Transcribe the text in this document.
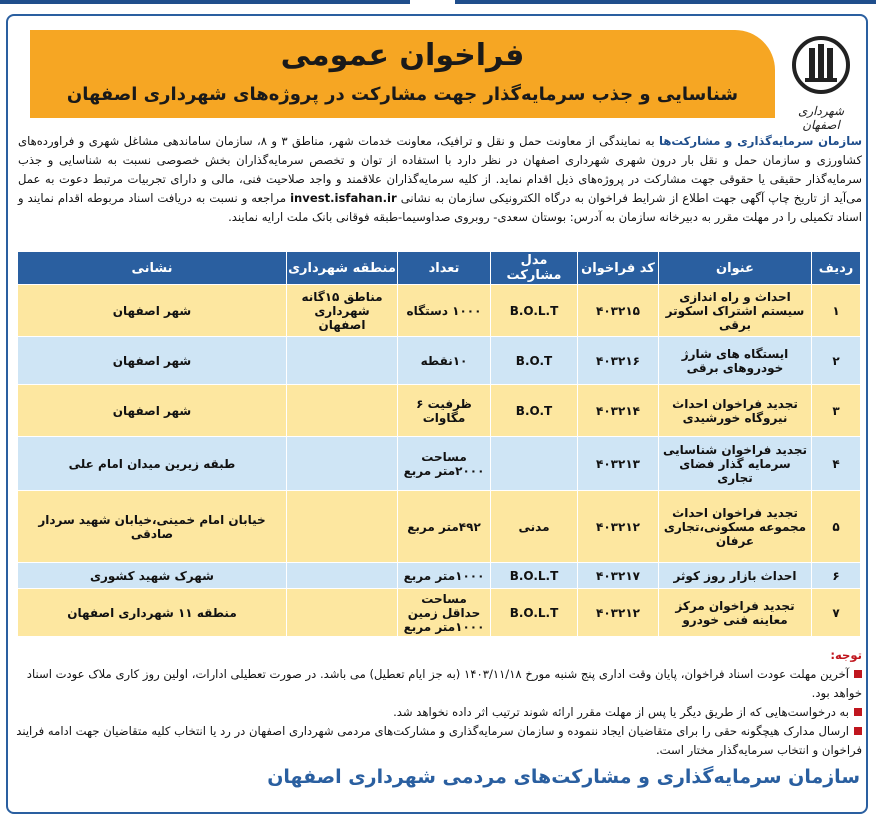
فراخوان عمومی
شناسایی و جذب سرمایه‌گذار جهت مشارکت در پروژه‌های شهرداری اصفهان
شهرداری اصفهان
سازمان سرمایه‌گذاری و مشارکت‌ها به نمایندگی از معاونت حمل و نقل و ترافیک، معاونت خدمات شهر، مناطق ۳ و ۸، سازمان ساماندهی مشاغل شهری و فراورده‌های کشاورزی و سازمان حمل و نقل بار درون شهری شهرداری اصفهان در نظر دارد با استفاده از توان و تخصص سرمایه‌گذاران بخش خصوصی نسبت به شناسایی و جذب سرمایه‌گذار حقیقی یا حقوقی جهت مشارکت در پروژه‌های ذیل اقدام نماید. از کلیه سرمایه‌گذاران علاقمند و واجد صلاحیت فنی، مالی و دارای تجربیات مرتبط دعوت به عمل می‌آید از تاریخ چاپ آگهی جهت اطلاع از شرایط فراخوان به درگاه الکترونیکی سازمان به نشانی invest.isfahan.ir مراجعه و نسبت به دریافت اسناد مربوطه اقدام نمایند و اسناد تکمیلی را در مهلت مقرر به دبیرخانه سازمان به آدرس: بوستان سعدی- روبروی صداوسیما-طبقه فوقانی بانک ملت ارایه نمایند.
ردیف	عنوان	کد فراخوان	مدل مشارکت	تعداد	منطقه شهرداری	نشانی
۱	احداث و راه اندازی سیستم اشتراک اسکوتر برقی	۴۰۳۲۱۵	B.O.L.T	۱۰۰۰ دستگاه	مناطق ۱۵گانه شهرداری اصفهان	شهر اصفهان
۲	ایستگاه های شارژ خودروهای برقی	۴۰۳۲۱۶	B.O.T	۱۰نقطه		شهر اصفهان
۳	تجدید فراخوان احداث نیروگاه خورشیدی	۴۰۳۲۱۴	B.O.T	ظرفیت ۶ مگاوات		شهر اصفهان
۴	تجدید فراخوان شناسایی سرمایه گذار فضای تجاری	۴۰۳۲۱۳		مساحت ۲۰۰۰متر مربع		طبقه زیرین میدان امام علی
۵	تجدید فراخوان احداث مجموعه مسکونی،تجاری عرفان	۴۰۳۲۱۲	مدنی	۴۹۲متر مربع		خیابان امام خمینی،خیابان شهید سردار صادقی
۶	احداث بازار روز کوثر	۴۰۳۲۱۷	B.O.L.T	۱۰۰۰متر مربع		شهرک شهید کشوری
۷	تجدید فراخوان مرکز معاینه فنی خودرو	۴۰۳۲۱۲	B.O.L.T	مساحت حداقل زمین ۱۰۰۰متر مربع		منطقه ۱۱ شهرداری اصفهان
توجه:
آخرین مهلت عودت اسناد فراخوان، پایان وقت اداری پنج شنبه مورخ ۱۴۰۳/۱۱/۱۸ (به جز ایام تعطیل) می باشد. در صورت تعطیلی ادارات، اولین روز کاری ملاک عودت اسناد خواهد بود.
به درخواست‌هایی که از طریق دیگر یا پس از مهلت مقرر ارائه شوند ترتیب اثر داده نخواهد شد.
ارسال مدارک هیچگونه حقی را برای متقاضیان ایجاد ننموده و سازمان سرمایه‌گذاری و مشارکت‌های مردمی شهرداری اصفهان در رد یا انتخاب کلیه متقاضیان جهت ادامه فرایند فراخوان و انتخاب سرمایه‌گذار مختار است.
سازمان سرمایه‌گذاری و مشارکت‌های مردمی شهرداری اصفهان
